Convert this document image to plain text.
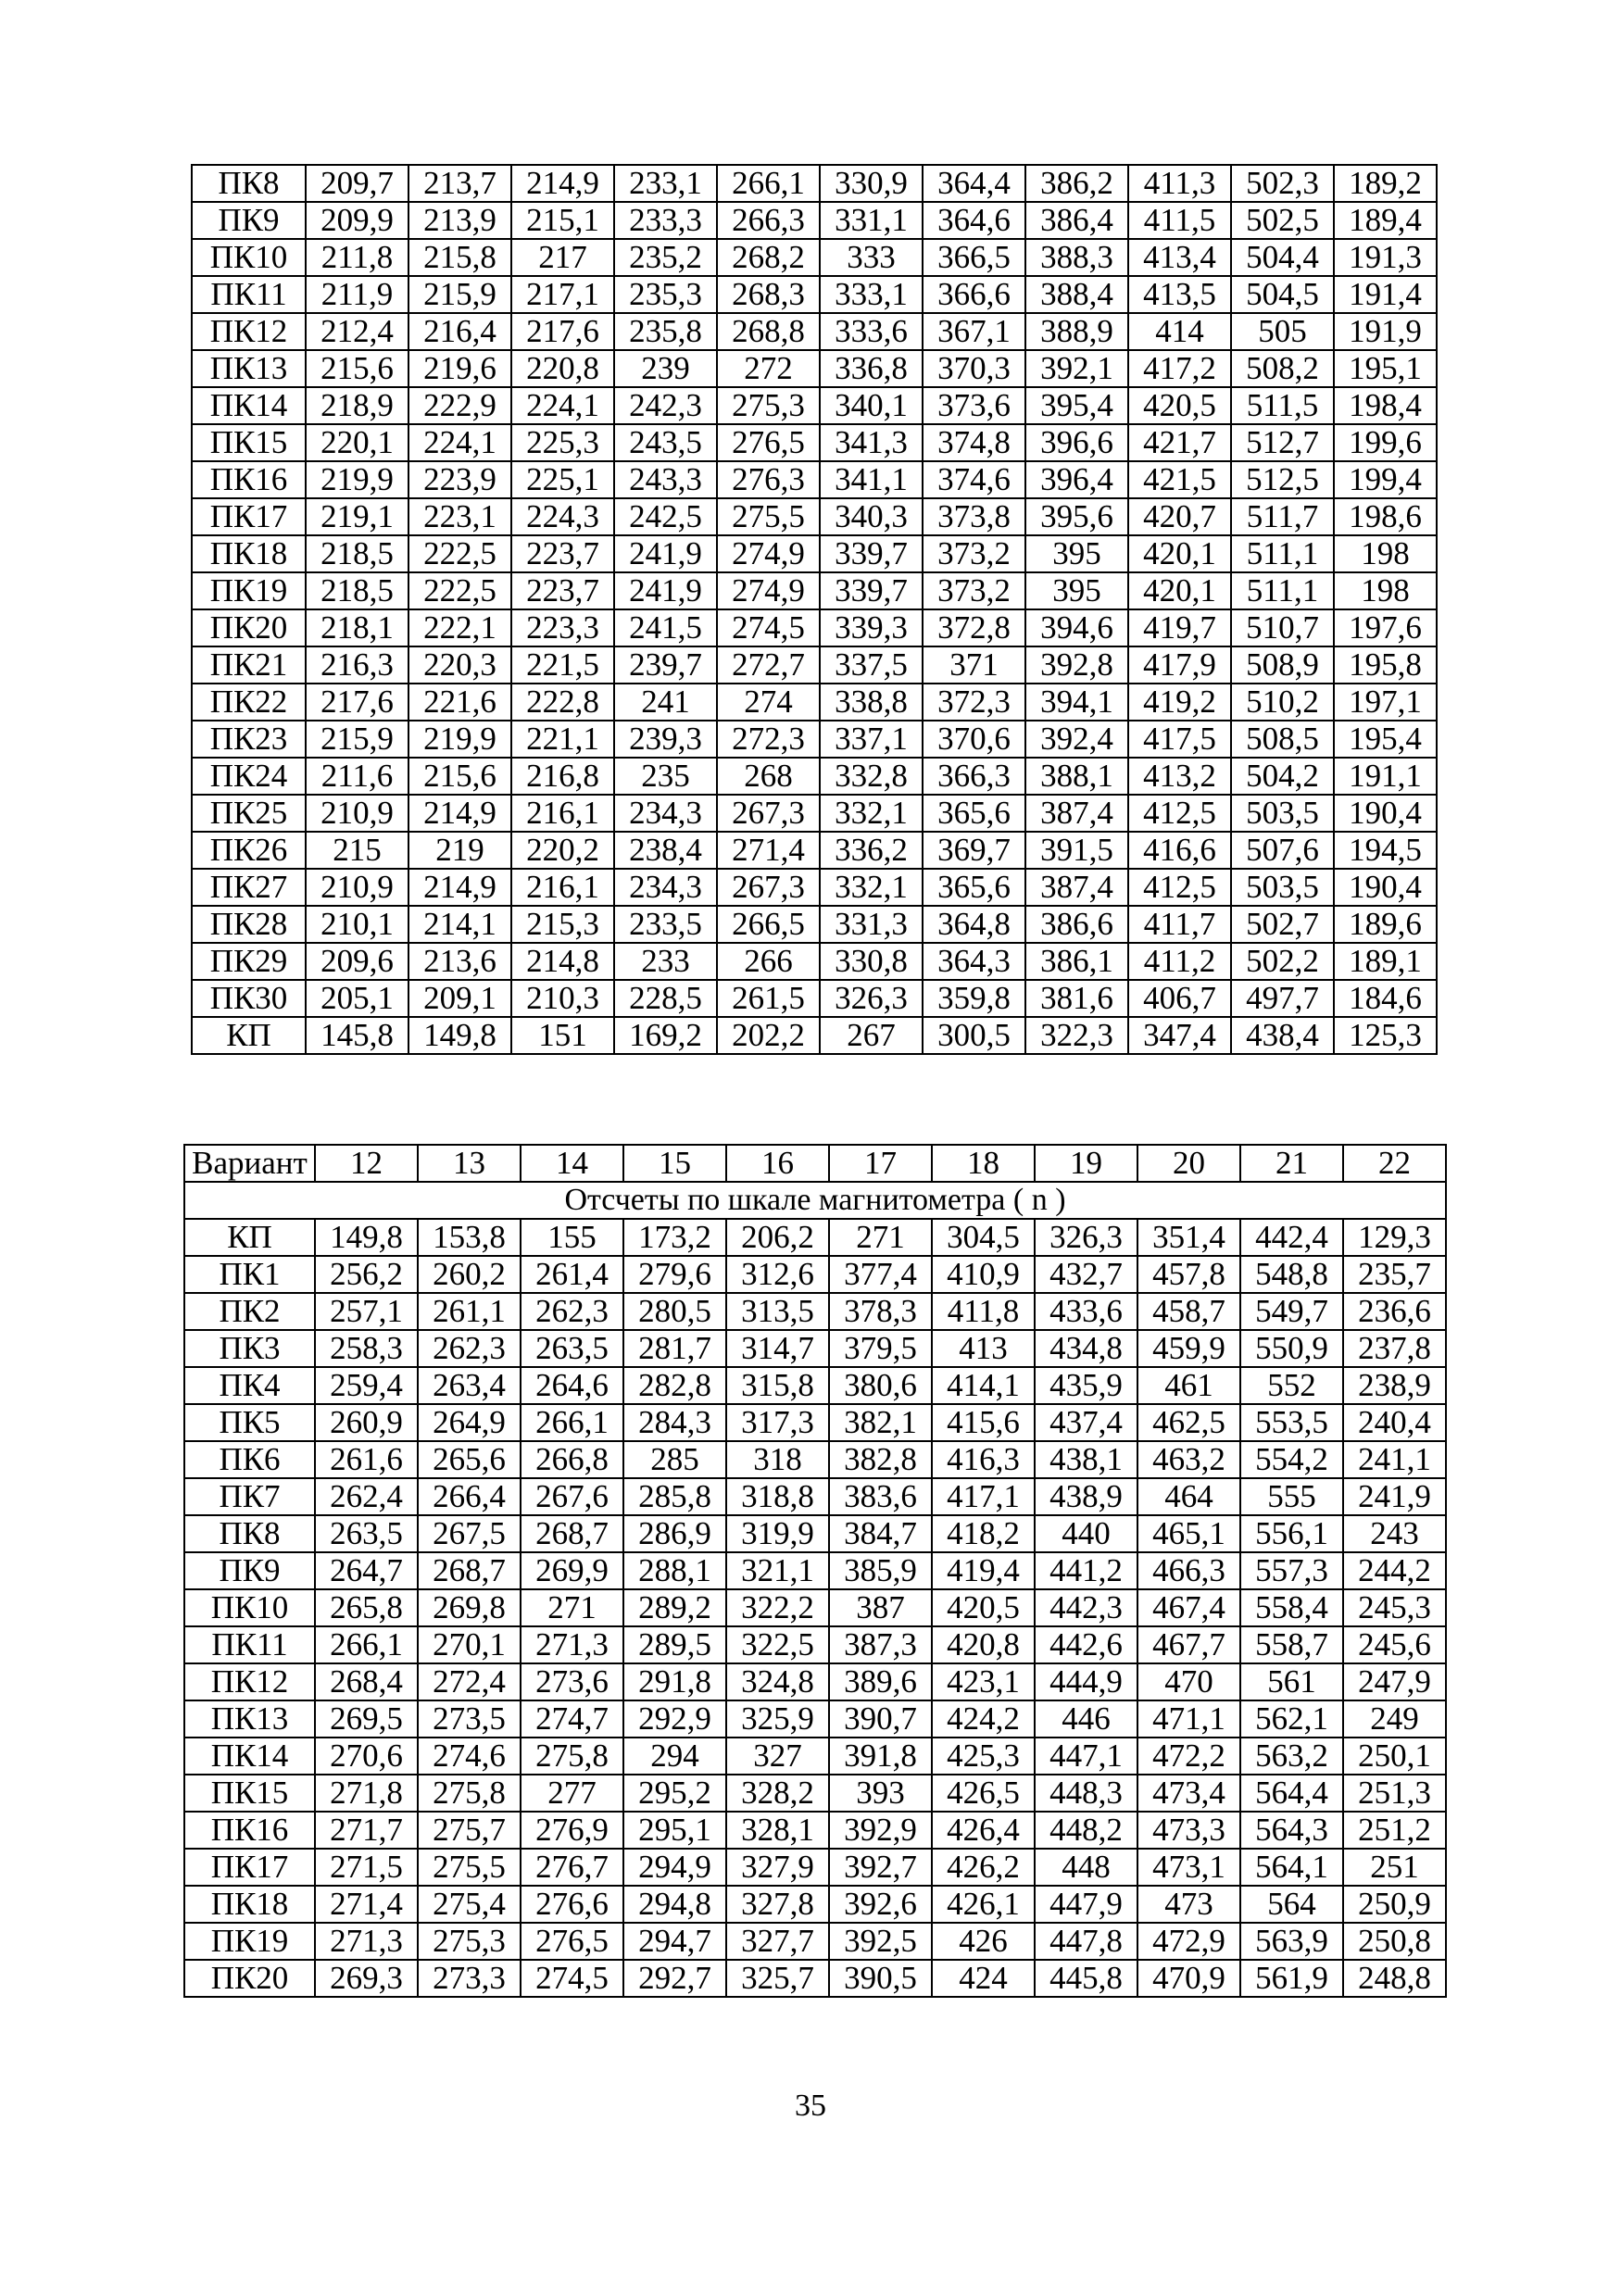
ПК8	209,7	213,7	214,9	233,1	266,1	330,9	364,4	386,2	411,3	502,3	189,2
ПК9	209,9	213,9	215,1	233,3	266,3	331,1	364,6	386,4	411,5	502,5	189,4
ПК10	211,8	215,8	217	235,2	268,2	333	366,5	388,3	413,4	504,4	191,3
ПК11	211,9	215,9	217,1	235,3	268,3	333,1	366,6	388,4	413,5	504,5	191,4
ПК12	212,4	216,4	217,6	235,8	268,8	333,6	367,1	388,9	414	505	191,9
ПК13	215,6	219,6	220,8	239	272	336,8	370,3	392,1	417,2	508,2	195,1
ПК14	218,9	222,9	224,1	242,3	275,3	340,1	373,6	395,4	420,5	511,5	198,4
ПК15	220,1	224,1	225,3	243,5	276,5	341,3	374,8	396,6	421,7	512,7	199,6
ПК16	219,9	223,9	225,1	243,3	276,3	341,1	374,6	396,4	421,5	512,5	199,4
ПК17	219,1	223,1	224,3	242,5	275,5	340,3	373,8	395,6	420,7	511,7	198,6
ПК18	218,5	222,5	223,7	241,9	274,9	339,7	373,2	395	420,1	511,1	198
ПК19	218,5	222,5	223,7	241,9	274,9	339,7	373,2	395	420,1	511,1	198
ПК20	218,1	222,1	223,3	241,5	274,5	339,3	372,8	394,6	419,7	510,7	197,6
ПК21	216,3	220,3	221,5	239,7	272,7	337,5	371	392,8	417,9	508,9	195,8
ПК22	217,6	221,6	222,8	241	274	338,8	372,3	394,1	419,2	510,2	197,1
ПК23	215,9	219,9	221,1	239,3	272,3	337,1	370,6	392,4	417,5	508,5	195,4
ПК24	211,6	215,6	216,8	235	268	332,8	366,3	388,1	413,2	504,2	191,1
ПК25	210,9	214,9	216,1	234,3	267,3	332,1	365,6	387,4	412,5	503,5	190,4
ПК26	215	219	220,2	238,4	271,4	336,2	369,7	391,5	416,6	507,6	194,5
ПК27	210,9	214,9	216,1	234,3	267,3	332,1	365,6	387,4	412,5	503,5	190,4
ПК28	210,1	214,1	215,3	233,5	266,5	331,3	364,8	386,6	411,7	502,7	189,6
ПК29	209,6	213,6	214,8	233	266	330,8	364,3	386,1	411,2	502,2	189,1
ПК30	205,1	209,1	210,3	228,5	261,5	326,3	359,8	381,6	406,7	497,7	184,6
КП	145,8	149,8	151	169,2	202,2	267	300,5	322,3	347,4	438,4	125,3
Вариант	12	13	14	15	16	17	18	19	20	21	22
Отсчеты по шкале магнитометра ( n )											
КП	149,8	153,8	155	173,2	206,2	271	304,5	326,3	351,4	442,4	129,3
ПК1	256,2	260,2	261,4	279,6	312,6	377,4	410,9	432,7	457,8	548,8	235,7
ПК2	257,1	261,1	262,3	280,5	313,5	378,3	411,8	433,6	458,7	549,7	236,6
ПК3	258,3	262,3	263,5	281,7	314,7	379,5	413	434,8	459,9	550,9	237,8
ПК4	259,4	263,4	264,6	282,8	315,8	380,6	414,1	435,9	461	552	238,9
ПК5	260,9	264,9	266,1	284,3	317,3	382,1	415,6	437,4	462,5	553,5	240,4
ПК6	261,6	265,6	266,8	285	318	382,8	416,3	438,1	463,2	554,2	241,1
ПК7	262,4	266,4	267,6	285,8	318,8	383,6	417,1	438,9	464	555	241,9
ПК8	263,5	267,5	268,7	286,9	319,9	384,7	418,2	440	465,1	556,1	243
ПК9	264,7	268,7	269,9	288,1	321,1	385,9	419,4	441,2	466,3	557,3	244,2
ПК10	265,8	269,8	271	289,2	322,2	387	420,5	442,3	467,4	558,4	245,3
ПК11	266,1	270,1	271,3	289,5	322,5	387,3	420,8	442,6	467,7	558,7	245,6
ПК12	268,4	272,4	273,6	291,8	324,8	389,6	423,1	444,9	470	561	247,9
ПК13	269,5	273,5	274,7	292,9	325,9	390,7	424,2	446	471,1	562,1	249
ПК14	270,6	274,6	275,8	294	327	391,8	425,3	447,1	472,2	563,2	250,1
ПК15	271,8	275,8	277	295,2	328,2	393	426,5	448,3	473,4	564,4	251,3
ПК16	271,7	275,7	276,9	295,1	328,1	392,9	426,4	448,2	473,3	564,3	251,2
ПК17	271,5	275,5	276,7	294,9	327,9	392,7	426,2	448	473,1	564,1	251
ПК18	271,4	275,4	276,6	294,8	327,8	392,6	426,1	447,9	473	564	250,9
ПК19	271,3	275,3	276,5	294,7	327,7	392,5	426	447,8	472,9	563,9	250,8
ПК20	269,3	273,3	274,5	292,7	325,7	390,5	424	445,8	470,9	561,9	248,8
35
